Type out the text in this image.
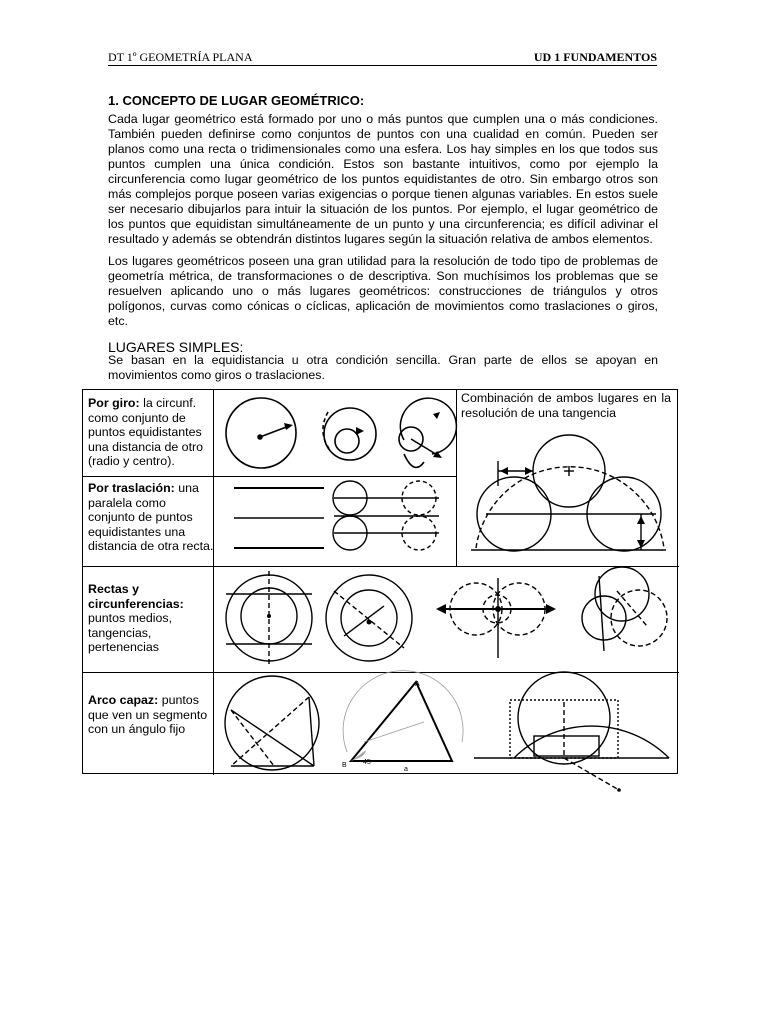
DT 1º GEOMETRÍA PLANA	UD 1 FUNDAMENTOS
1. CONCEPTO DE LUGAR GEOMÉTRICO:

Cada lugar geométrico está formado por uno o más puntos que cumplen una o más condiciones. También pueden definirse como conjuntos de puntos con una cualidad en común. Pueden ser planos como una recta o tridimensionales como una esfera. Los hay simples en los que todos sus puntos cumplen una única condición. Estos son bastante intuitivos, como por ejemplo la circunferencia como lugar geométrico de los puntos equidistantes de otro. Sin embargo otros son más complejos porque poseen varias exigencias o porque tienen algunas variables. En estos suele ser necesario dibujarlos para intuir la situación de los puntos. Por ejemplo, el lugar geométrico de los puntos que equidistan simultáneamente de un punto y una circunferencia; es difícil adivinar el resultado y además se obtendrán distintos lugares según la situación relativa de ambos elementos.

Los lugares geométricos poseen una gran utilidad para la resolución de todo tipo de problemas de geometría métrica, de transformaciones o de descriptiva. Son muchísimos los problemas que se resuelven aplicando uno o más lugares geométricos: construcciones de triángulos y otros polígonos, curvas como cónicas o cíclicas, aplicación de movimientos como traslaciones o giros, etc.

LUGARES SIMPLES:

Se basan en la equidistancia u otra condición sencilla. Gran parte de ellos se apoyan en movimientos como giros o traslaciones.

Por giro: la circunf. como conjunto de puntos equidistantes una distancia de otro (radio y centro).

Por traslación: una paralela como conjunto de puntos equidistantes una distancia de otra recta.

Rectas y circunferencias: puntos medios, tangencias, pertenencias

Arco capaz: puntos que ven un segmento con un ángulo fijo

Combinación de ambos lugares en la resolución de una tangencia

A
B
a
45
